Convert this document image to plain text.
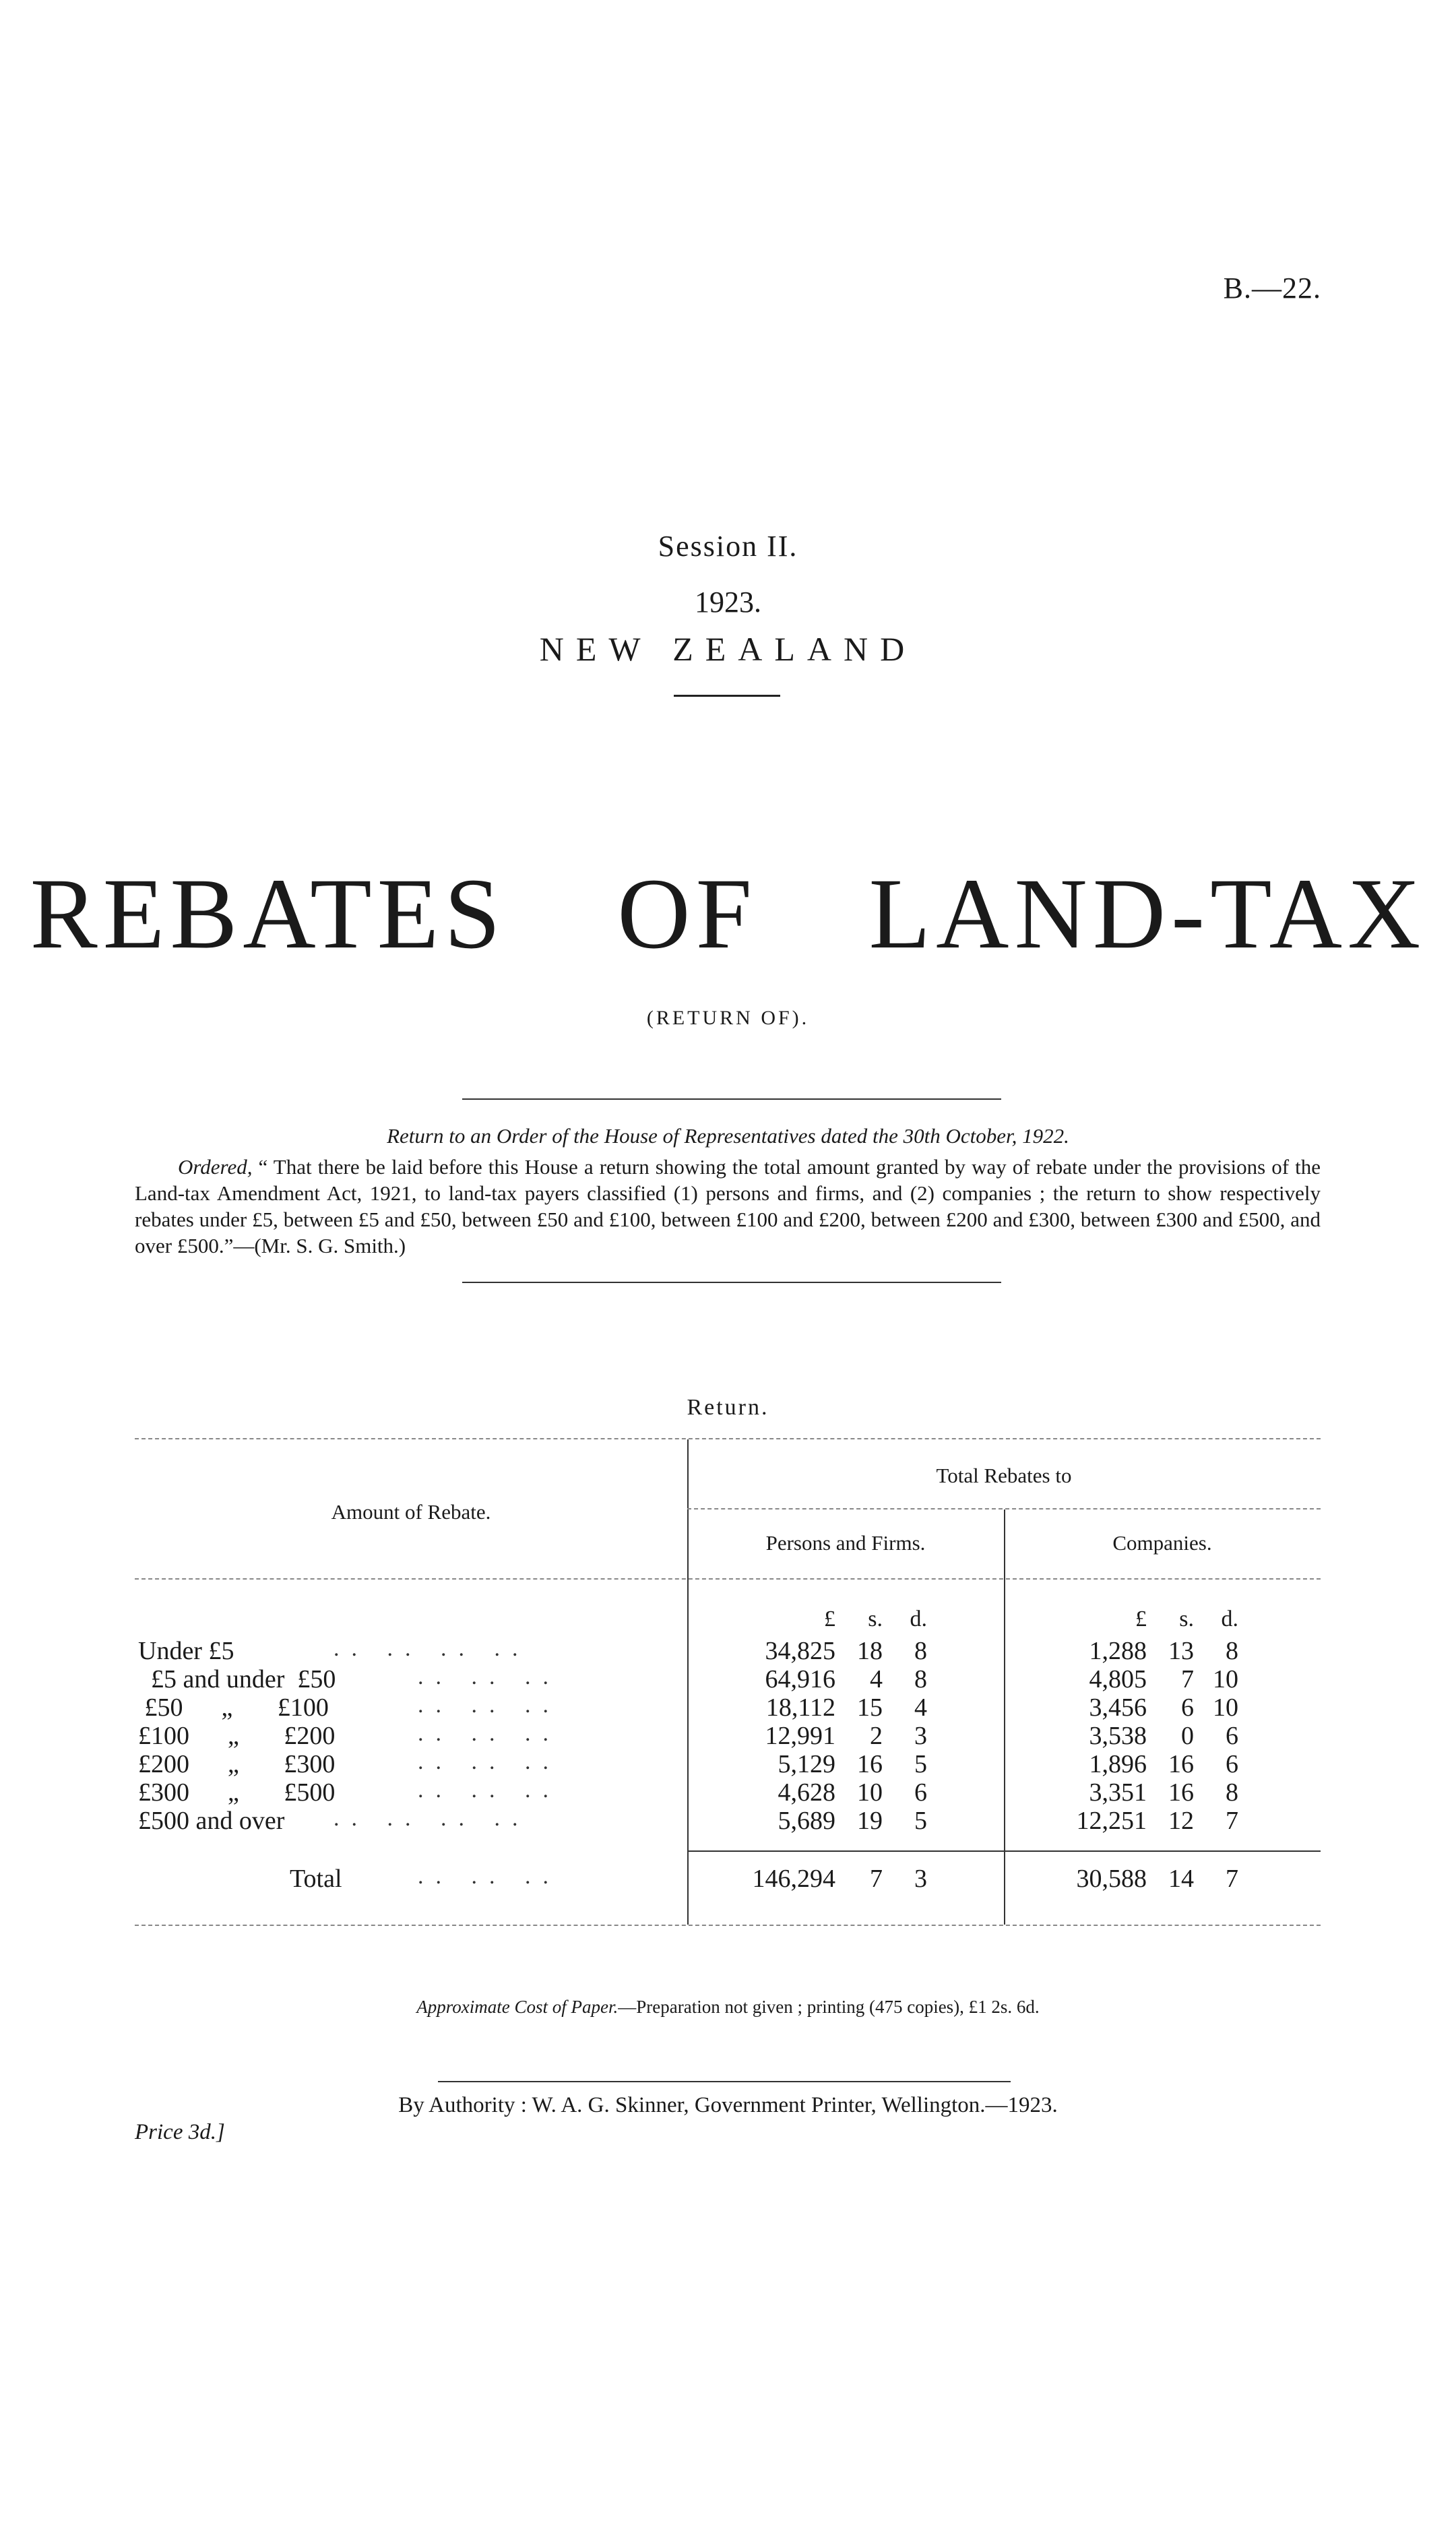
B.—22.
Session II.
1923.
NEW ZEALAND
REBATES OF LAND-TAX
(RETURN OF).
Return to an Order of the House of Representatives dated the 30th October, 1922.
Ordered, “ That there be laid before this House a return showing the total amount granted by way of rebate under the provisions of the Land-tax Amendment Act, 1921, to land-tax payers classified (1) persons and firms, and (2) companies ; the return to show respectively rebates under £5, between £5 and £50, between £50 and £100, between £100 and £200, between £200 and £300, between £300 and £500, and over £500.”—(Mr. S. G. Smith.)
Return.
Amount of Rebate.
Total Rebates to
Persons and Firms.	Companies.
£	s.	d.	£	s.	d.
Under £5	.. .. .. ..	34,825 18	8	1,288 13	8
£5 and under  £50	.. .. ..	64,916	4	8	4,805	7 10
£50      „       £100	.. .. ..	18,112 15	4	3,456	6 10
£100      „       £200	.. .. ..	12,991	2	3	3,538	0	6
£200      „       £300	.. .. ..	5,129 16	5	1,896 16	6
£300      „       £500	.. .. ..	4,628 10	6	3,351 16	8
£500 and over .. .. .. ..	5,689 19	5	12,251 12	7
Total	.. .. ..	146,294	7	3	30,588 14	7
Approximate Cost of Paper.—Preparation not given ; printing (475 copies), £1 2s. 6d.
By Authority : W. A. G. Skinner, Government Printer, Wellington.—1923.
Price 3d.]
